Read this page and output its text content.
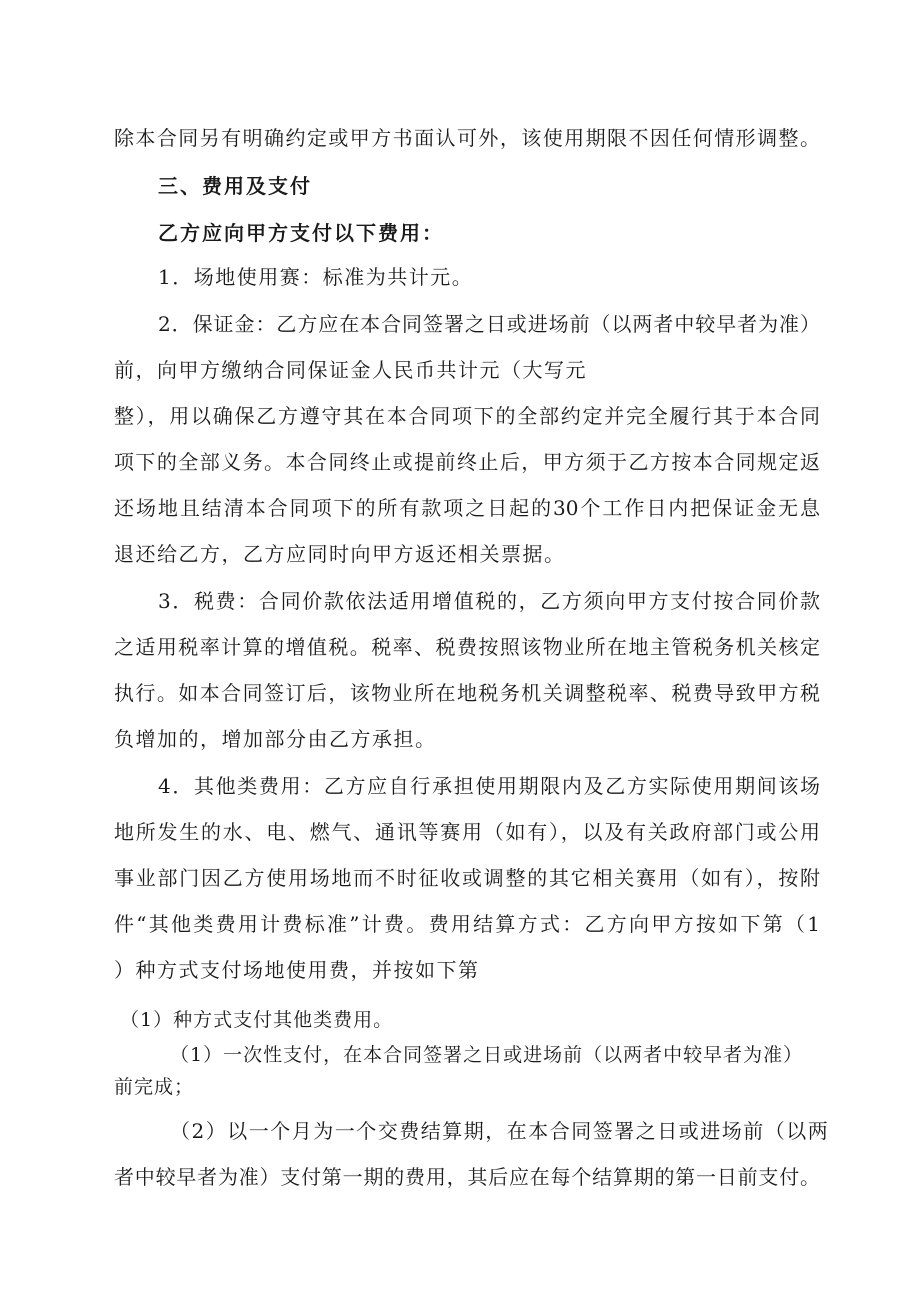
除本合同另有明确约定或甲方书面认可外，该使用期限不因任何情形调整。
三、费用及支付
乙方应向甲方支付以下费用：
1．场地使用赛：标准为共计元。
2．保证金：乙方应在本合同签署之日或进场前（以两者中较早者为准）
前，向甲方缴纳合同保证金人民币共计元（大写元
整），用以确保乙方遵守其在本合同项下的全部约定并完全履行其于本合同
项下的全部义务。本合同终止或提前终止后，甲方须于乙方按本合同规定返
还场地且结清本合同项下的所有款项之日起的30个工作日内把保证金无息
退还给乙方，乙方应同时向甲方返还相关票据。
3．税费：合同价款依法适用增值税的，乙方须向甲方支付按合同价款
之适用税率计算的增值税。税率、税费按照该物业所在地主管税务机关核定
执行。如本合同签订后，该物业所在地税务机关调整税率、税费导致甲方税
负增加的，增加部分由乙方承担。
4．其他类费用：乙方应自行承担使用期限内及乙方实际使用期间该场
地所发生的水、电、燃气、通讯等赛用（如有），以及有关政府部门或公用
事业部门因乙方使用场地而不时征收或调整的其它相关赛用（如有），按附
件“其他类费用计费标准”计费。费用结算方式：乙方向甲方按如下第（1
）种方式支付场地使用费，并按如下第
（1）种方式支付其他类费用。
（1）一次性支付，在本合同签署之日或进场前（以两者中较早者为准）
前完成；
（2）以一个月为一个交费结算期，在本合同签署之日或进场前（以两
者中较早者为准）支付第一期的费用，其后应在每个结算期的第一日前支付。
